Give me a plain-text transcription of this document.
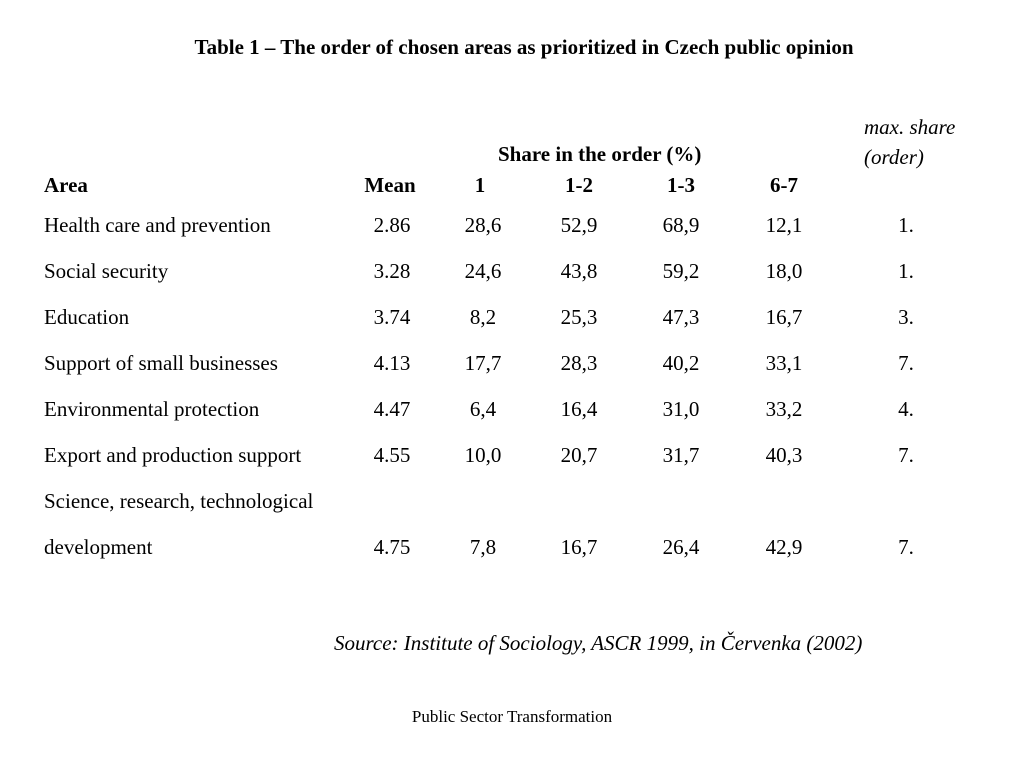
Table 1 – The order of chosen areas as prioritized in Czech public opinion
max. share
(order)
Share in the order (%)
Area	Mean	1	1-2	1-3	6-7
Health care and prevention	2.86	28,6	52,9	68,9	12,1	1.
Social security	3.28	24,6	43,8	59,2	18,0	1.
Education	3.74	8,2	25,3	47,3	16,7	3.
Support of small businesses	4.13	17,7	28,3	40,2	33,1	7.
Environmental protection	4.47	6,4	16,4	31,0	33,2	4.
Export and production support	4.55	10,0	20,7	31,7	40,3	7.
Science, research, technological
development	4.75	7,8	16,7	26,4	42,9	7.
Source: Institute of Sociology, ASCR 1999, in Červenka (2002)
Public Sector Transformation
